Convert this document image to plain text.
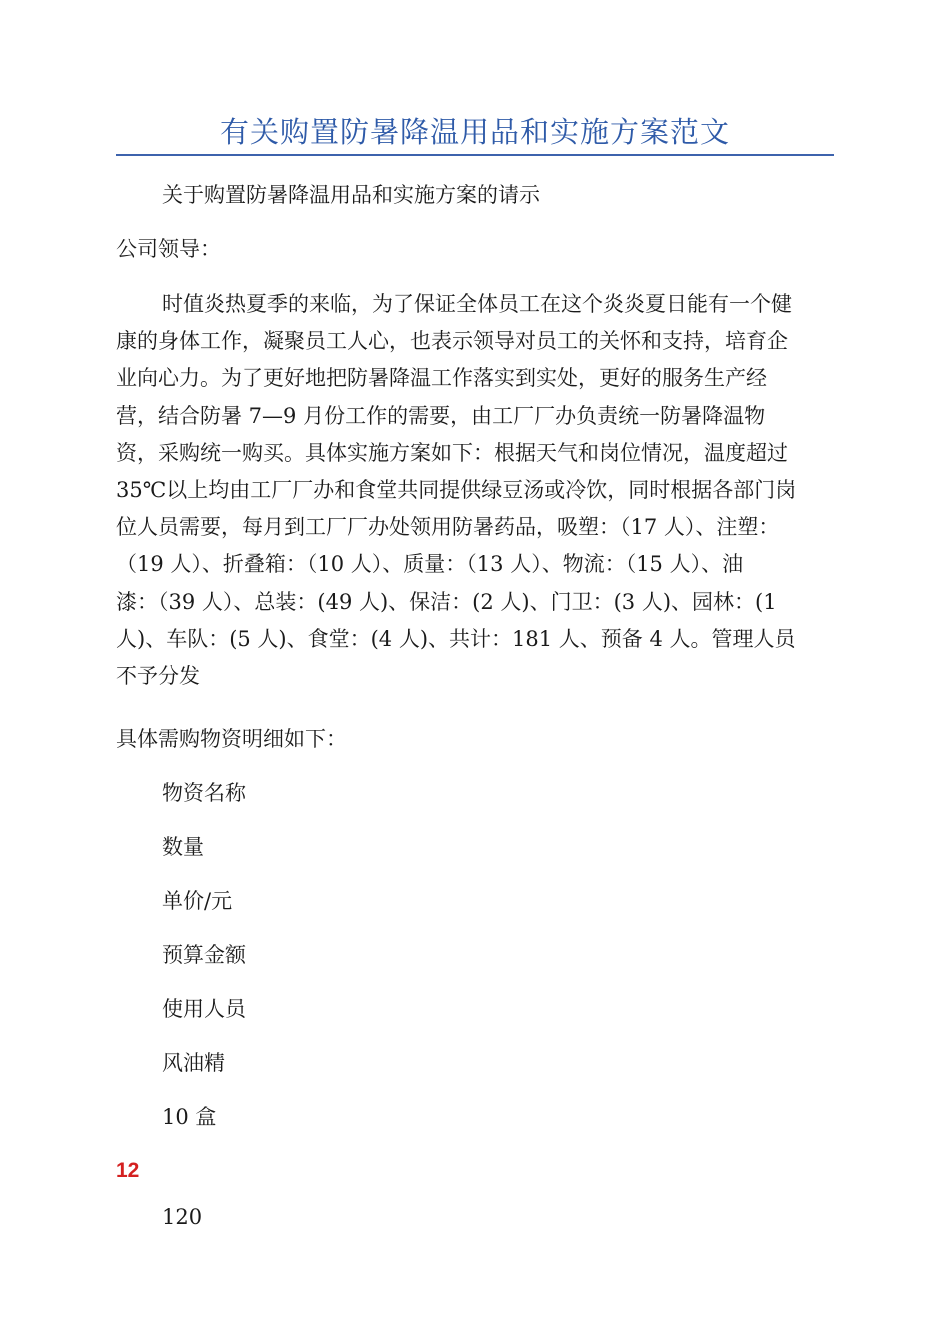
有关购置防暑降温用品和实施方案范文
关于购置防暑降温用品和实施方案的请示
公司领导：
时值炎热夏季的来临，为了保证全体员工在这个炎炎夏日能有一个健
康的身体工作，凝聚员工人心，也表示领导对员工的关怀和支持，培育企
业向心力。为了更好地把防暑降温工作落实到实处，更好的服务生产经
营，结合防暑 7—9 月份工作的需要，由工厂厂办负责统一防暑降温物
资，采购统一购买。具体实施方案如下：根据天气和岗位情况，温度超过
35℃以上均由工厂厂办和食堂共同提供绿豆汤或冷饮，同时根据各部门岗
位人员需要，每月到工厂厂办处领用防暑药品，吸塑：（17 人）、注塑：
（19 人）、折叠箱：（10 人）、质量：（13 人）、物流：（15 人）、油
漆：（39 人）、总装：(49 人)、保洁：(2 人)、门卫：(3 人)、园林：(1
人)、车队：(5 人)、食堂：(4 人)、共计：181 人、预备 4 人。管理人员
不予分发
具体需购物资明细如下：
物资名称
数量
单价/元
预算金额
使用人员
风油精
10 盒
12
120
